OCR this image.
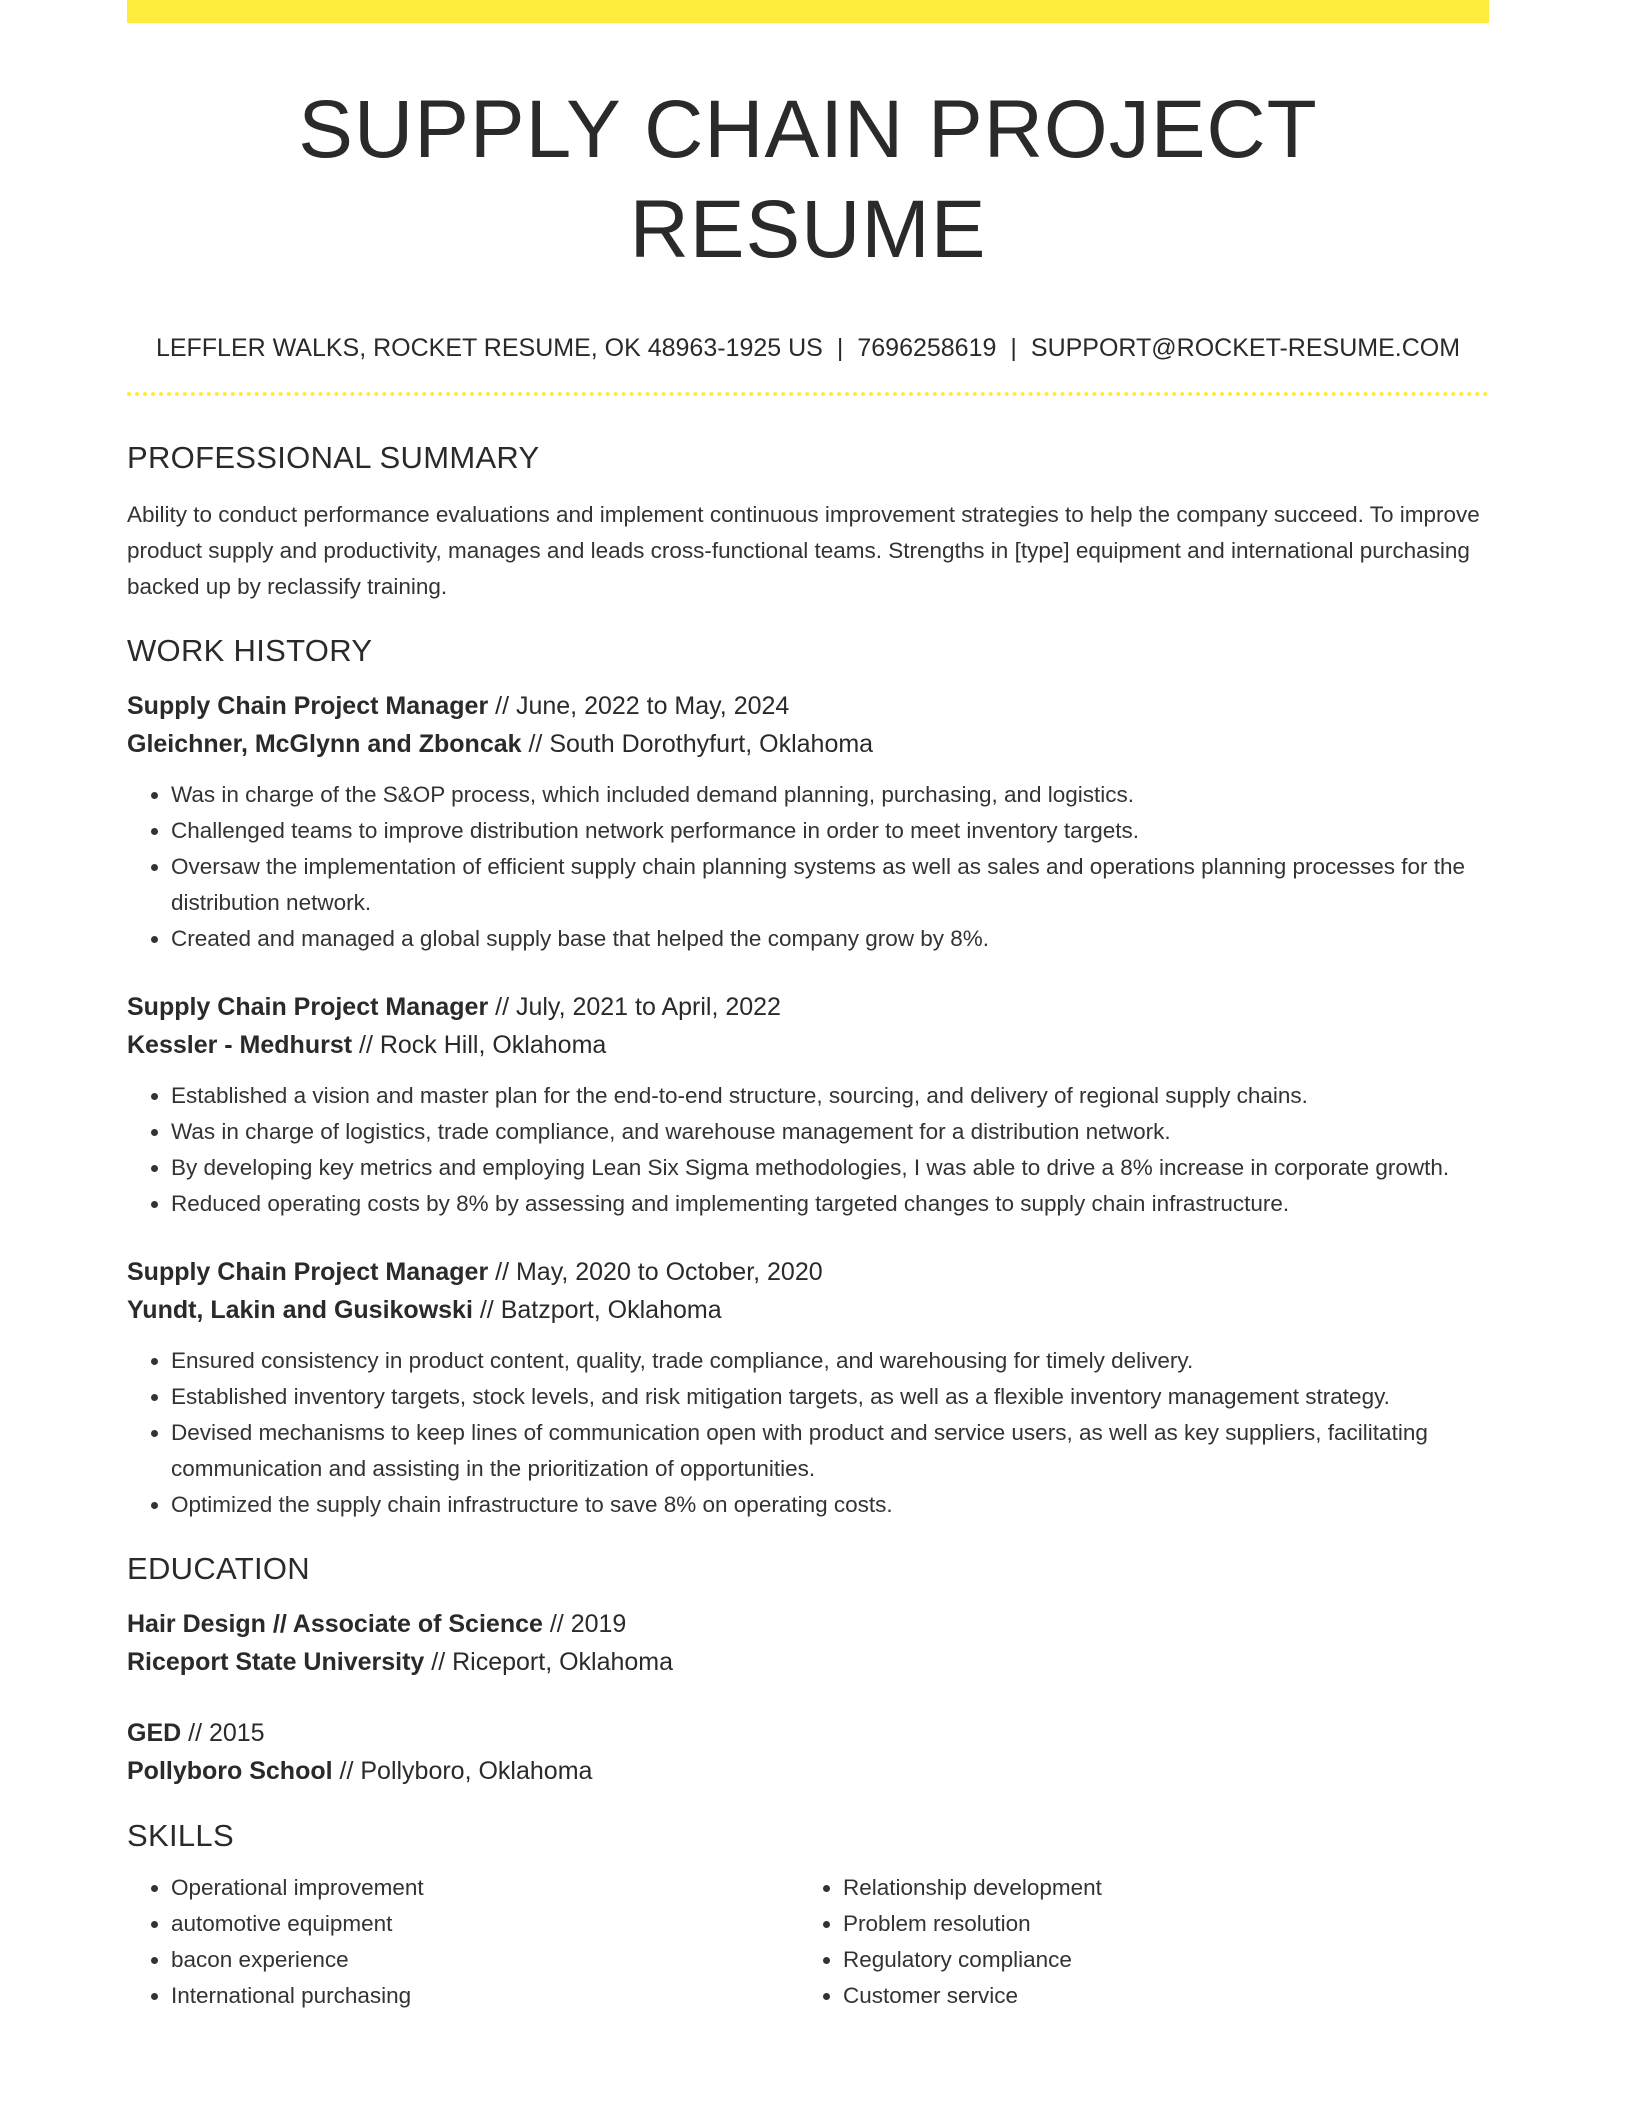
SUPPLY CHAIN PROJECT RESUME
LEFFLER WALKS, ROCKET RESUME, OK 48963-1925 US | 7696258619 | SUPPORT@ROCKET-RESUME.COM
PROFESSIONAL SUMMARY
Ability to conduct performance evaluations and implement continuous improvement strategies to help the company succeed. To improve product supply and productivity, manages and leads cross-functional teams. Strengths in [type] equipment and international purchasing backed up by reclassify training.
WORK HISTORY
Supply Chain Project Manager // June, 2022 to May, 2024
Gleichner, McGlynn and Zboncak // South Dorothyfurt, Oklahoma
• Was in charge of the S&OP process, which included demand planning, purchasing, and logistics.
• Challenged teams to improve distribution network performance in order to meet inventory targets.
• Oversaw the implementation of efficient supply chain planning systems as well as sales and operations planning processes for the distribution network.
• Created and managed a global supply base that helped the company grow by 8%.
Supply Chain Project Manager // July, 2021 to April, 2022
Kessler - Medhurst // Rock Hill, Oklahoma
• Established a vision and master plan for the end-to-end structure, sourcing, and delivery of regional supply chains.
• Was in charge of logistics, trade compliance, and warehouse management for a distribution network.
• By developing key metrics and employing Lean Six Sigma methodologies, I was able to drive a 8% increase in corporate growth.
• Reduced operating costs by 8% by assessing and implementing targeted changes to supply chain infrastructure.
Supply Chain Project Manager // May, 2020 to October, 2020
Yundt, Lakin and Gusikowski // Batzport, Oklahoma
• Ensured consistency in product content, quality, trade compliance, and warehousing for timely delivery.
• Established inventory targets, stock levels, and risk mitigation targets, as well as a flexible inventory management strategy.
• Devised mechanisms to keep lines of communication open with product and service users, as well as key suppliers, facilitating communication and assisting in the prioritization of opportunities.
• Optimized the supply chain infrastructure to save 8% on operating costs.
EDUCATION
Hair Design // Associate of Science // 2019
Riceport State University // Riceport, Oklahoma
GED // 2015
Pollyboro School // Pollyboro, Oklahoma
SKILLS
• Operational improvement
• automotive equipment
• bacon experience
• International purchasing
• Relationship development
• Problem resolution
• Regulatory compliance
• Customer service
